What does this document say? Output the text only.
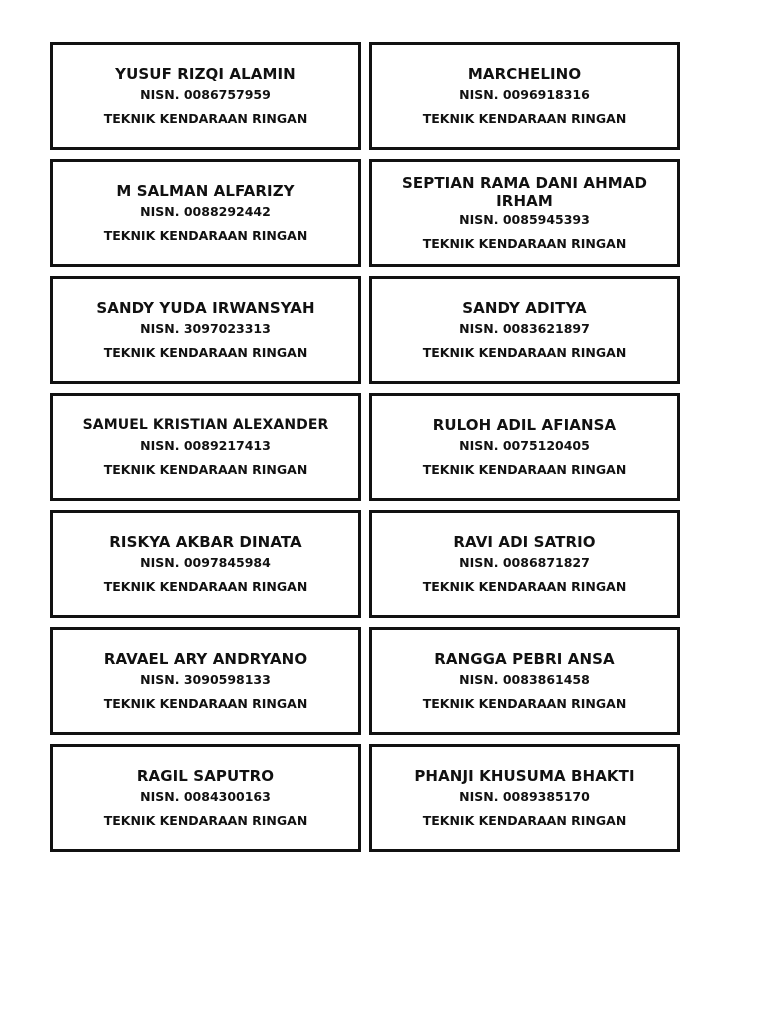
YUSUF RIZQI ALAMIN
NISN. 0086757959
TEKNIK KENDARAAN RINGAN
MARCHELINO
NISN. 0096918316
TEKNIK KENDARAAN RINGAN
M SALMAN ALFARIZY
NISN. 0088292442
TEKNIK KENDARAAN RINGAN
SEPTIAN RAMA DANI AHMAD IRHAM
NISN. 0085945393
TEKNIK KENDARAAN RINGAN
SANDY YUDA IRWANSYAH
NISN. 3097023313
TEKNIK KENDARAAN RINGAN
SANDY ADITYA
NISN. 0083621897
TEKNIK KENDARAAN RINGAN
SAMUEL KRISTIAN ALEXANDER
NISN. 0089217413
TEKNIK KENDARAAN RINGAN
RULOH ADIL AFIANSA
NISN. 0075120405
TEKNIK KENDARAAN RINGAN
RISKYA AKBAR DINATA
NISN. 0097845984
TEKNIK KENDARAAN RINGAN
RAVI ADI SATRIO
NISN. 0086871827
TEKNIK KENDARAAN RINGAN
RAVAEL ARY ANDRYANO
NISN. 3090598133
TEKNIK KENDARAAN RINGAN
RANGGA PEBRI ANSA
NISN. 0083861458
TEKNIK KENDARAAN RINGAN
RAGIL SAPUTRO
NISN. 0084300163
TEKNIK KENDARAAN RINGAN
PHANJI KHUSUMA BHAKTI
NISN. 0089385170
TEKNIK KENDARAAN RINGAN
